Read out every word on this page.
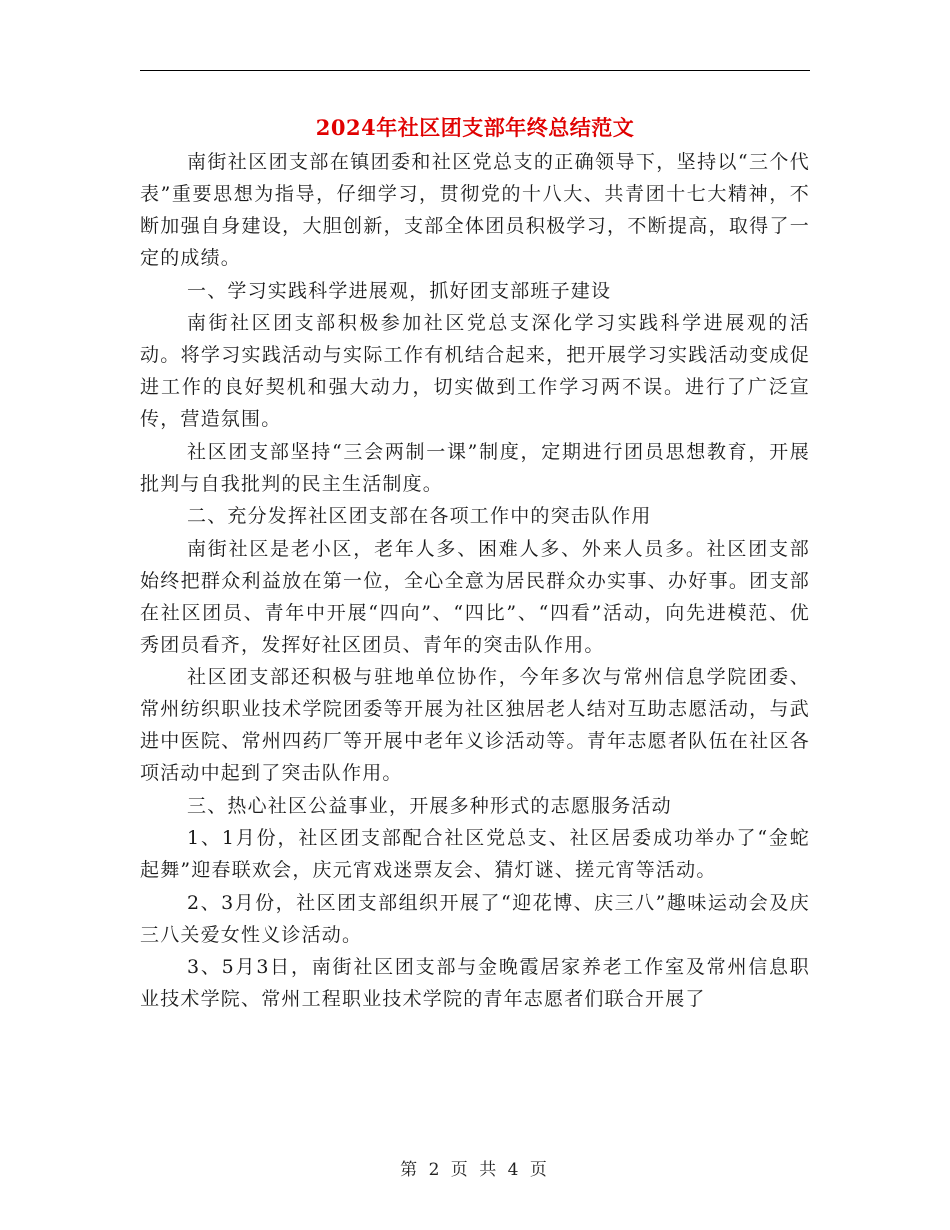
2024年社区团支部年终总结范文

南街社区团支部在镇团委和社区党总支的正确领导下，坚持以“三个代表”重要思想为指导，仔细学习，贯彻党的十八大、共青团十七大精神，不断加强自身建设，大胆创新，支部全体团员积极学习，不断提高，取得了一定的成绩。

一、学习实践科学进展观，抓好团支部班子建设

南街社区团支部积极参加社区党总支深化学习实践科学进展观的活动。将学习实践活动与实际工作有机结合起来，把开展学习实践活动变成促进工作的良好契机和强大动力，切实做到工作学习两不误。进行了广泛宣传，营造氛围。

社区团支部坚持“三会两制一课”制度，定期进行团员思想教育，开展批判与自我批判的民主生活制度。

二、充分发挥社区团支部在各项工作中的突击队作用

南街社区是老小区，老年人多、困难人多、外来人员多。社区团支部始终把群众利益放在第一位，全心全意为居民群众办实事、办好事。团支部在社区团员、青年中开展“四向”、“四比”、“四看”活动，向先进模范、优秀团员看齐，发挥好社区团员、青年的突击队作用。

社区团支部还积极与驻地单位协作，今年多次与常州信息学院团委、常州纺织职业技术学院团委等开展为社区独居老人结对互助志愿活动，与武进中医院、常州四药厂等开展中老年义诊活动等。青年志愿者队伍在社区各项活动中起到了突击队作用。

三、热心社区公益事业，开展多种形式的志愿服务活动

1、1月份，社区团支部配合社区党总支、社区居委成功举办了“金蛇起舞”迎春联欢会，庆元宵戏迷票友会、猜灯谜、搓元宵等活动。

2、3月份，社区团支部组织开展了“迎花博、庆三八”趣味运动会及庆三八关爱女性义诊活动。

3、5月3日，南街社区团支部与金晚霞居家养老工作室及常州信息职业技术学院、常州工程职业技术学院的青年志愿者们联合开展了

第 2 页 共 4 页
